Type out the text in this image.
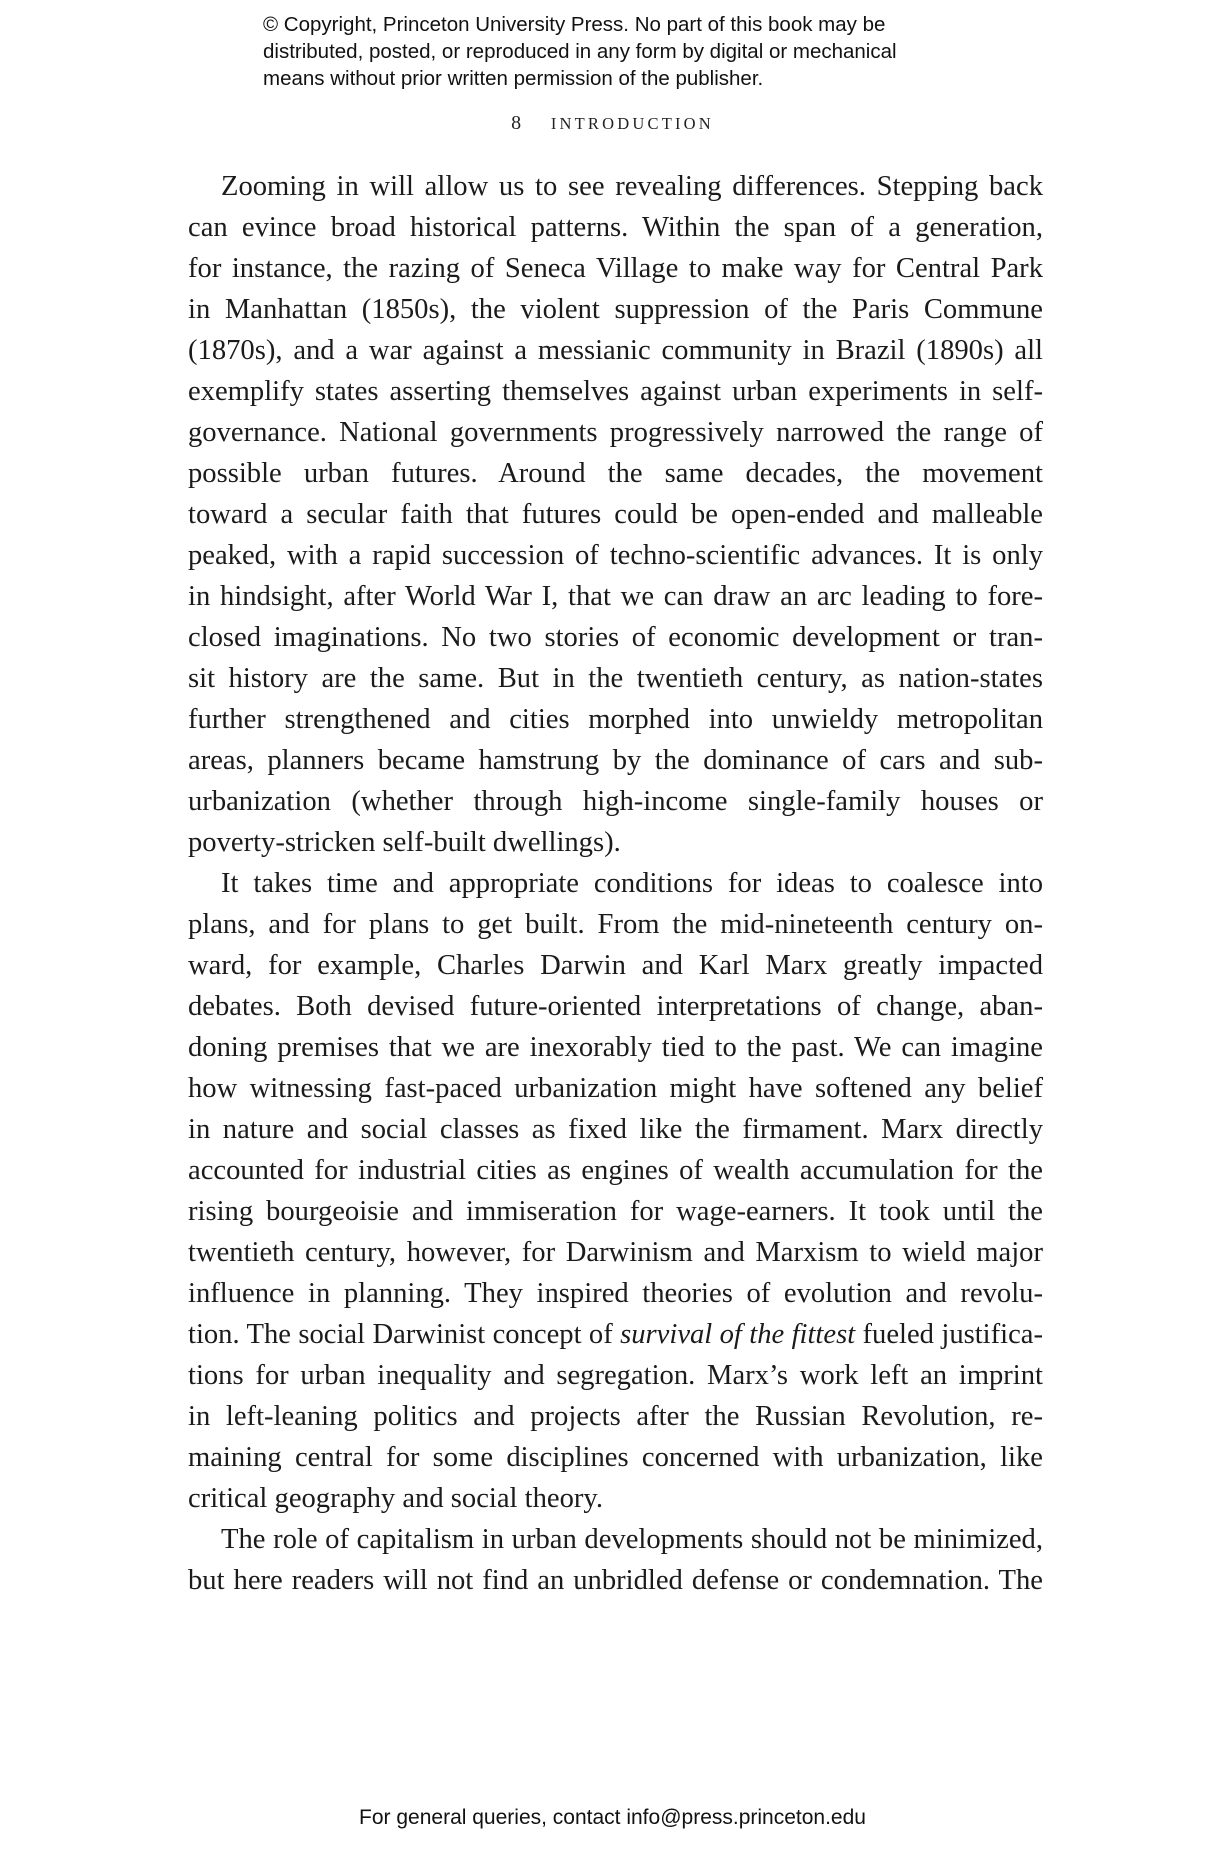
© Copyright, Princeton University Press. No part of this book may be
distributed, posted, or reproduced in any form by digital or mechanical
means without prior written permission of the publisher.
8 INTRODUCTION
Zooming in will allow us to see revealing differences. Stepping back
can evince broad historical patterns. Within the span of a generation,
for instance, the razing of Seneca Village to make way for Central Park
in Manhattan (1850s), the violent suppression of the Paris Commune
(1870s), and a war against a messianic community in Brazil (1890s) all
exemplify states asserting themselves against urban experiments in self-
governance. National governments progressively narrowed the range of
possible urban futures. Around the same decades, the movement
toward a secular faith that futures could be open-ended and malleable
peaked, with a rapid succession of techno-scientific advances. It is only
in hindsight, after World War I, that we can draw an arc leading to fore-
closed imaginations. No two stories of economic development or tran-
sit history are the same. But in the twentieth century, as nation-states
further strengthened and cities morphed into unwieldy metropolitan
areas, planners became hamstrung by the dominance of cars and sub-
urbanization (whether through high-income single-family houses or
poverty-stricken self-built dwellings).
It takes time and appropriate conditions for ideas to coalesce into
plans, and for plans to get built. From the mid-nineteenth century on-
ward, for example, Charles Darwin and Karl Marx greatly impacted
debates. Both devised future-oriented interpretations of change, aban-
doning premises that we are inexorably tied to the past. We can imagine
how witnessing fast-paced urbanization might have softened any belief
in nature and social classes as fixed like the firmament. Marx directly
accounted for industrial cities as engines of wealth accumulation for the
rising bourgeoisie and immiseration for wage-earners. It took until the
twentieth century, however, for Darwinism and Marxism to wield major
influence in planning. They inspired theories of evolution and revolu-
tion. The social Darwinist concept of survival of the fittest fueled justifica-
tions for urban inequality and segregation. Marx’s work left an imprint
in left-leaning politics and projects after the Russian Revolution, re-
maining central for some disciplines concerned with urbanization, like
critical geography and social theory.
The role of capitalism in urban developments should not be minimized,
but here readers will not find an unbridled defense or condemnation. The
For general queries, contact info@press.princeton.edu
